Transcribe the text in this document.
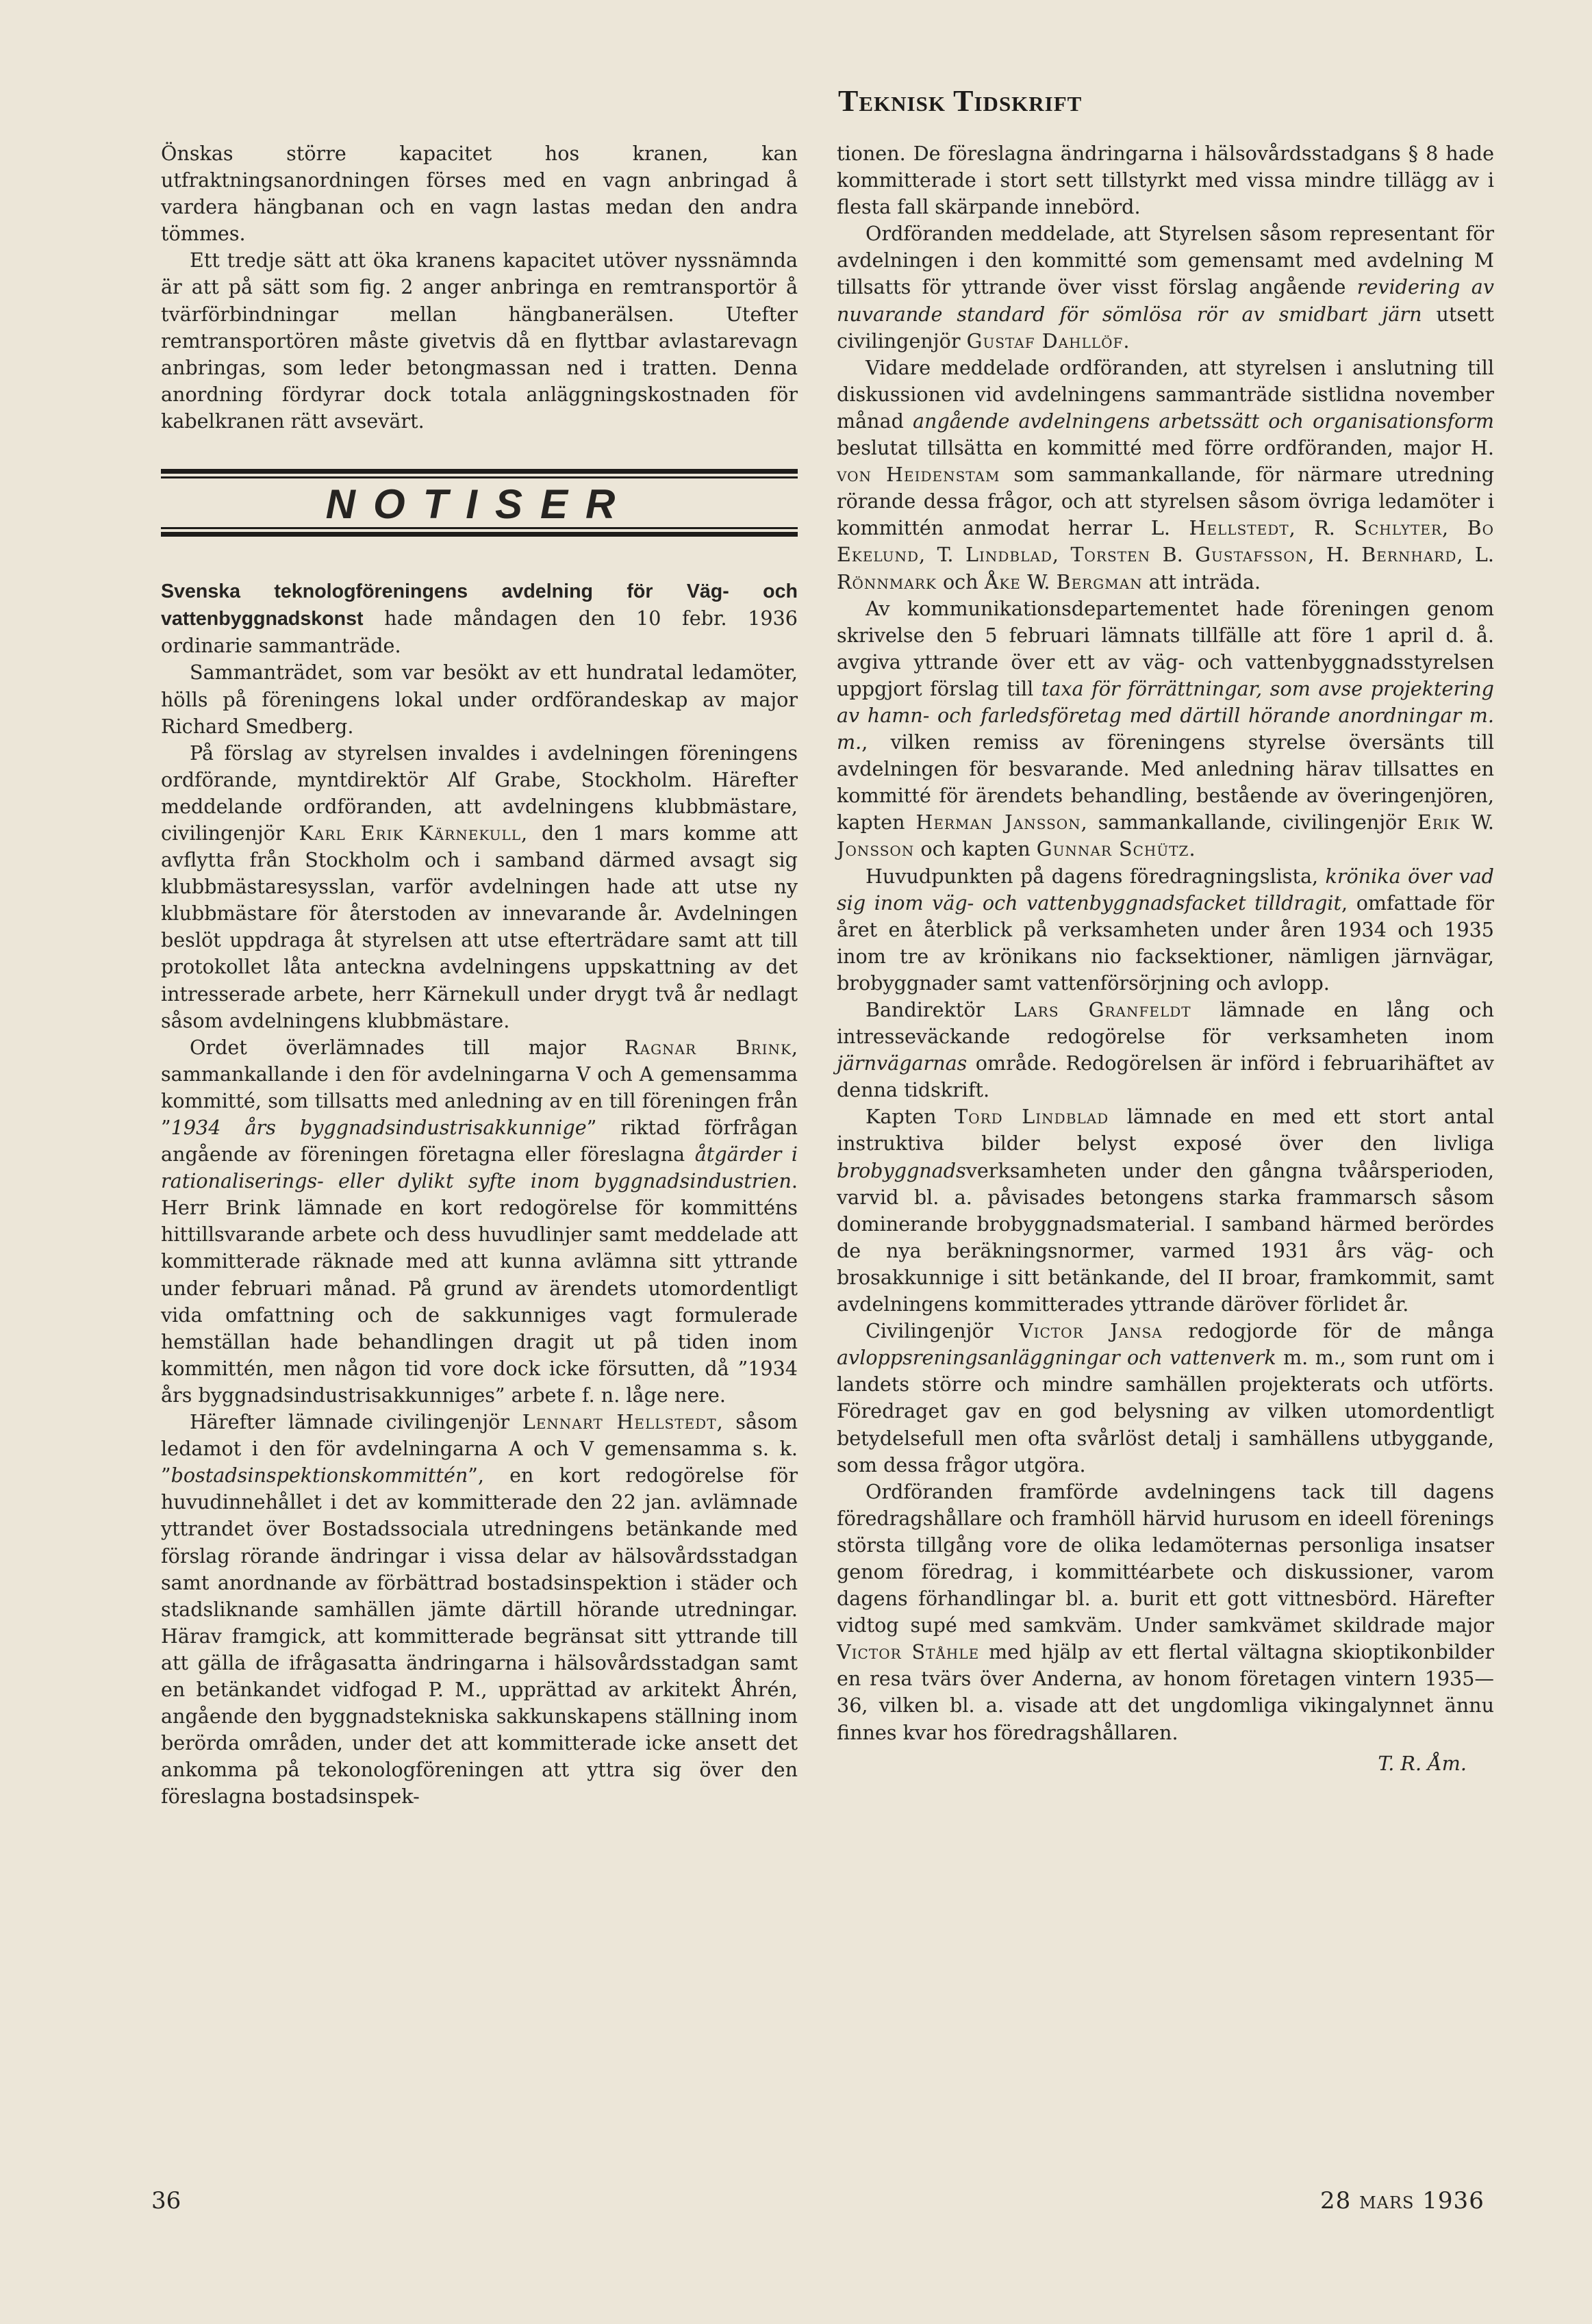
Teknisk Tidskrift

Önskas större kapacitet hos kranen, kan utfraktningsanordningen förses med en vagn anbringad å vardera hängbanan och en vagn lastas medan den andra tömmes.

Ett tredje sätt att öka kranens kapacitet utöver nyssnämnda är att på sätt som fig. 2 anger anbringa en remtransportör å tvärförbindningar mellan hängbanerälsen. Utefter remtransportören måste givetvis då en flyttbar avlastarevagn anbringas, som leder betongmassan ned i tratten. Denna anordning fördyrar dock totala anläggningskostnaden för kabelkranen rätt avsevärt.

NOTISER

Svenska teknologföreningens avdelning för Väg- och vattenbyggnadskonst hade måndagen den 10 febr. 1936 ordinarie sammanträde.

Sammanträdet, som var besökt av ett hundratal ledamöter, hölls på föreningens lokal under ordförandeskap av major Richard Smedberg.

På förslag av styrelsen invaldes i avdelningen föreningens ordförande, myntdirektör Alf Grabe, Stockholm. Härefter meddelande ordföranden, att avdelningens klubbmästare, civilingenjör Karl Erik Kärnekull, den 1 mars komme att avflytta från Stockholm och i samband därmed avsagt sig klubbmästaresysslan, varför avdelningen hade att utse ny klubbmästare för återstoden av innevarande år. Avdelningen beslöt uppdraga åt styrelsen att utse efterträdare samt att till protokollet låta anteckna avdelningens uppskattning av det intresserade arbete, herr Kärnekull under drygt två år nedlagt såsom avdelningens klubbmästare.

Ordet överlämnades till major Ragnar Brink, sammankallande i den för avdelningarna V och A gemensamma kommitté, som tillsatts med anledning av en till föreningen från ”1934 års byggnadsindustrisakkunnige” riktad förfrågan angående av föreningen företagna eller föreslagna åtgärder i rationaliserings- eller dylikt syfte inom byggnadsindustrien. Herr Brink lämnade en kort redogörelse för kommitténs hittillsvarande arbete och dess huvudlinjer samt meddelade att kommitterade räknade med att kunna avlämna sitt yttrande under februari månad. På grund av ärendets utomordentligt vida omfattning och de sakkunniges vagt formulerade hemställan hade behandlingen dragit ut på tiden inom kommittén, men någon tid vore dock icke försutten, då ”1934 års byggnadsindustrisakkunniges” arbete f. n. låge nere.

Härefter lämnade civilingenjör Lennart Hellstedt, såsom ledamot i den för avdelningarna A och V gemensamma s. k. ”bostadsinspektionskommittén”, en kort redogörelse för huvudinnehållet i det av kommitterade den 22 jan. avlämnade yttrandet över Bostadssociala utredningens betänkande med förslag rörande ändringar i vissa delar av hälsovårdsstadgan samt anordnande av förbättrad bostadsinspektion i städer och stadsliknande samhällen jämte därtill hörande utredningar. Härav framgick, att kommitterade begränsat sitt yttrande till att gälla de ifrågasatta ändringarna i hälsovårdsstadgan samt en betänkandet vidfogad P. M., upprättad av arkitekt Åhrén, angående den byggnadstekniska sakkunskapens ställning inom berörda områden, under det att kommitterade icke ansett det ankomma på tekonologföreningen att yttra sig över den föreslagna bostadsinspek-

tionen. De föreslagna ändringarna i hälsovårdsstadgans § 8 hade kommitterade i stort sett tillstyrkt med vissa mindre tillägg av i flesta fall skärpande innebörd.

Ordföranden meddelade, att Styrelsen såsom representant för avdelningen i den kommitté som gemensamt med avdelning M tillsatts för yttrande över visst förslag angående revidering av nuvarande standard för sömlösa rör av smidbart järn utsett civilingenjör Gustaf Dahllöf.

Vidare meddelade ordföranden, att styrelsen i anslutning till diskussionen vid avdelningens sammanträde sistlidna november månad angående avdelningens arbetssätt och organisationsform beslutat tillsätta en kommitté med förre ordföranden, major H. von Heidenstam som sammankallande, för närmare utredning rörande dessa frågor, och att styrelsen såsom övriga ledamöter i kommittén anmodat herrar L. Hellstedt, R. Schlyter, Bo Ekelund, T. Lindblad, Torsten B. Gustafsson, H. Bernhard, L. Rönnmark och Åke W. Bergman att inträda.

Av kommunikationsdepartementet hade föreningen genom skrivelse den 5 februari lämnats tillfälle att före 1 april d. å. avgiva yttrande över ett av väg- och vattenbyggnadsstyrelsen uppgjort förslag till taxa för förrättningar, som avse projektering av hamn- och farledsföretag med därtill hörande anordningar m. m., vilken remiss av föreningens styrelse översänts till avdelningen för besvarande. Med anledning härav tillsattes en kommitté för ärendets behandling, bestående av överingenjören, kapten Herman Jansson, sammankallande, civilingenjör Erik W. Jonsson och kapten Gunnar Schütz.

Huvudpunkten på dagens föredragningslista, krönika över vad sig inom väg- och vattenbyggnadsfacket tilldragit, omfattade för året en återblick på verksamheten under åren 1934 och 1935 inom tre av krönikans nio facksektioner, nämligen järnvägar, brobyggnader samt vattenförsörjning och avlopp.

Bandirektör Lars Granfeldt lämnade en lång och intresseväckande redogörelse för verksamheten inom järnvägarnas område. Redogörelsen är införd i februarihäftet av denna tidskrift.

Kapten Tord Lindblad lämnade en med ett stort antal instruktiva bilder belyst exposé över den livliga brobyggnadsverksamheten under den gångna tvåårsperioden, varvid bl. a. påvisades betongens starka frammarsch såsom dominerande brobyggnadsmaterial. I samband härmed berördes de nya beräkningsnormer, varmed 1931 års väg- och brosakkunnige i sitt betänkande, del II broar, framkommit, samt avdelningens kommitterades yttrande däröver förlidet år.

Civilingenjör Victor Jansa redogjorde för de många avloppsreningsanläggningar och vattenverk m. m., som runt om i landets större och mindre samhällen projekterats och utförts. Föredraget gav en god belysning av vilken utomordentligt betydelsefull men ofta svårlöst detalj i samhällens utbyggande, som dessa frågor utgöra.

Ordföranden framförde avdelningens tack till dagens föredragshållare och framhöll härvid hurusom en ideell förenings största tillgång vore de olika ledamöternas personliga insatser genom föredrag, i kommittéarbete och diskussioner, varom dagens förhandlingar bl. a. burit ett gott vittnesbörd. Härefter vidtog supé med samkväm. Under samkvämet skildrade major Victor Ståhle med hjälp av ett flertal vältagna skioptikonbilder en resa tvärs över Anderna, av honom företagen vintern 1935—36, vilken bl. a. visade att det ungdomliga vikingalynnet ännu finnes kvar hos föredragshållaren.

T. R. Åm.

36	28 mars 1936
